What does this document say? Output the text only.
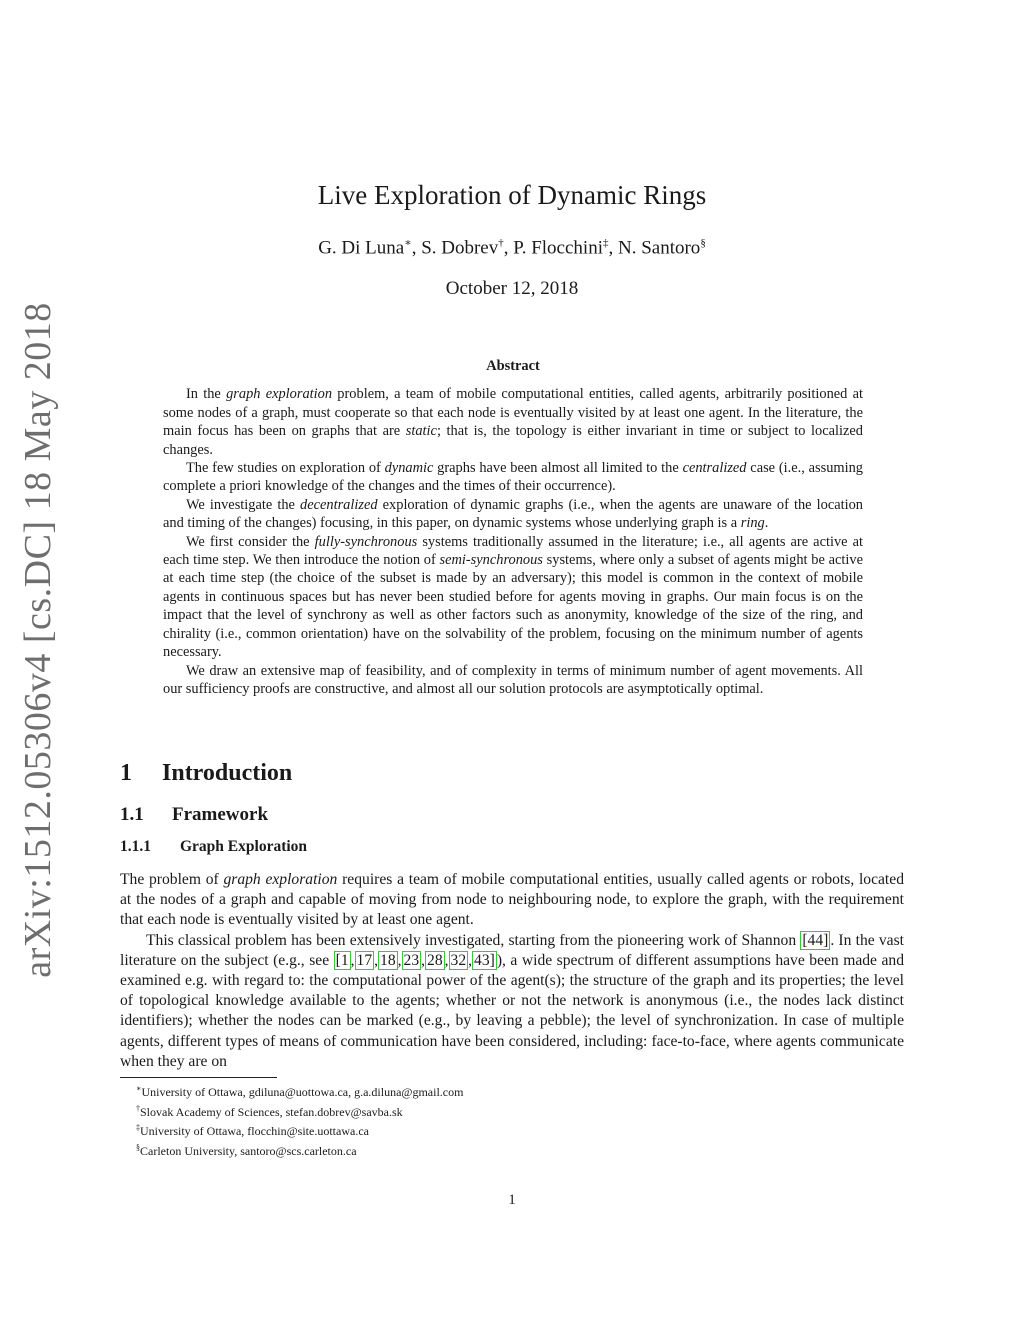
arXiv:1512.05306v4 [cs.DC] 18 May 2018
Live Exploration of Dynamic Rings
G. Di Luna∗, S. Dobrev†, P. Flocchini‡, N. Santoro§
October 12, 2018
Abstract

In the graph exploration problem, a team of mobile computational entities, called agents, arbitrarily positioned at some nodes of a graph, must cooperate so that each node is eventually visited by at least one agent. In the literature, the main focus has been on graphs that are static; that is, the topology is either invariant in time or subject to localized changes.

The few studies on exploration of dynamic graphs have been almost all limited to the centralized case (i.e., assuming complete a priori knowledge of the changes and the times of their occurrence).

We investigate the decentralized exploration of dynamic graphs (i.e., when the agents are unaware of the location and timing of the changes) focusing, in this paper, on dynamic systems whose underlying graph is a ring.

We first consider the fully-synchronous systems traditionally assumed in the literature; i.e., all agents are active at each time step. We then introduce the notion of semi-synchronous systems, where only a subset of agents might be active at each time step (the choice of the subset is made by an adversary); this model is common in the context of mobile agents in continuous spaces but has never been studied before for agents moving in graphs. Our main focus is on the impact that the level of synchrony as well as other factors such as anonymity, knowledge of the size of the ring, and chirality (i.e., common orientation) have on the solvability of the problem, focusing on the minimum number of agents necessary.

We draw an extensive map of feasibility, and of complexity in terms of minimum number of agent movements. All our sufficiency proofs are constructive, and almost all our solution protocols are asymptotically optimal.

1 Introduction
1.1 Framework
1.1.1 Graph Exploration

The problem of graph exploration requires a team of mobile computational entities, usually called agents or robots, located at the nodes of a graph and capable of moving from node to neighbouring node, to explore the graph, with the requirement that each node is eventually visited by at least one agent.

This classical problem has been extensively investigated, starting from the pioneering work of Shannon [44] . In the vast literature on the subject (e.g., see [1 , 17 , 18 , 23 , 28 , 32 , 43] ), a wide spectrum of different assumptions have been made and examined e.g. with regard to: the computational power of the agent(s); the structure of the graph and its properties; the level of topological knowledge available to the agents; whether or not the network is anonymous (i.e., the nodes lack distinct identifiers); whether the nodes can be marked (e.g., by leaving a pebble); the level of synchronization. In case of multiple agents, different types of means of communication have been considered, including: face-to-face, where agents communicate when they are on

∗University of Ottawa, gdiluna@uottowa.ca, g.a.diluna@gmail.com
†Slovak Academy of Sciences, stefan.dobrev@savba.sk
‡University of Ottawa, flocchin@site.uottawa.ca
§Carleton University, santoro@scs.carleton.ca
1
